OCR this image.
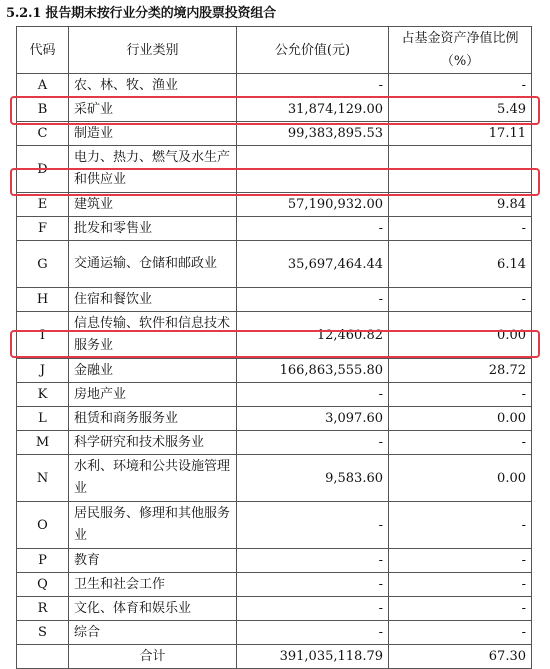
5.2.1 报告期末按行业分类的境内股票投资组合
代码	行业类别	公允价值(元)	占基金资产净值比例（%）
A	农、林、牧、渔业	-	-
B	采矿业	31,874,129.00	5.49
C	制造业	99,383,895.53	17.11
D	电力、热力、燃气及水生产和供应业	-	-
E	建筑业	57,190,932.00	9.84
F	批发和零售业	-	-
G	交通运输、仓储和邮政业	35,697,464.44	6.14
H	住宿和餐饮业	-	-
I	信息传输、软件和信息技术服务业	12,460.82	0.00
J	金融业	166,863,555.80	28.72
K	房地产业	-	-
L	租赁和商务服务业	3,097.60	0.00
M	科学研究和技术服务业	-	-
N	水利、环境和公共设施管理业	9,583.60	0.00
O	居民服务、修理和其他服务业	-	-
P	教育	-	-
Q	卫生和社会工作	-	-
R	文化、体育和娱乐业	-	-
S	综合	-	-
	合计	391,035,118.79	67.30
